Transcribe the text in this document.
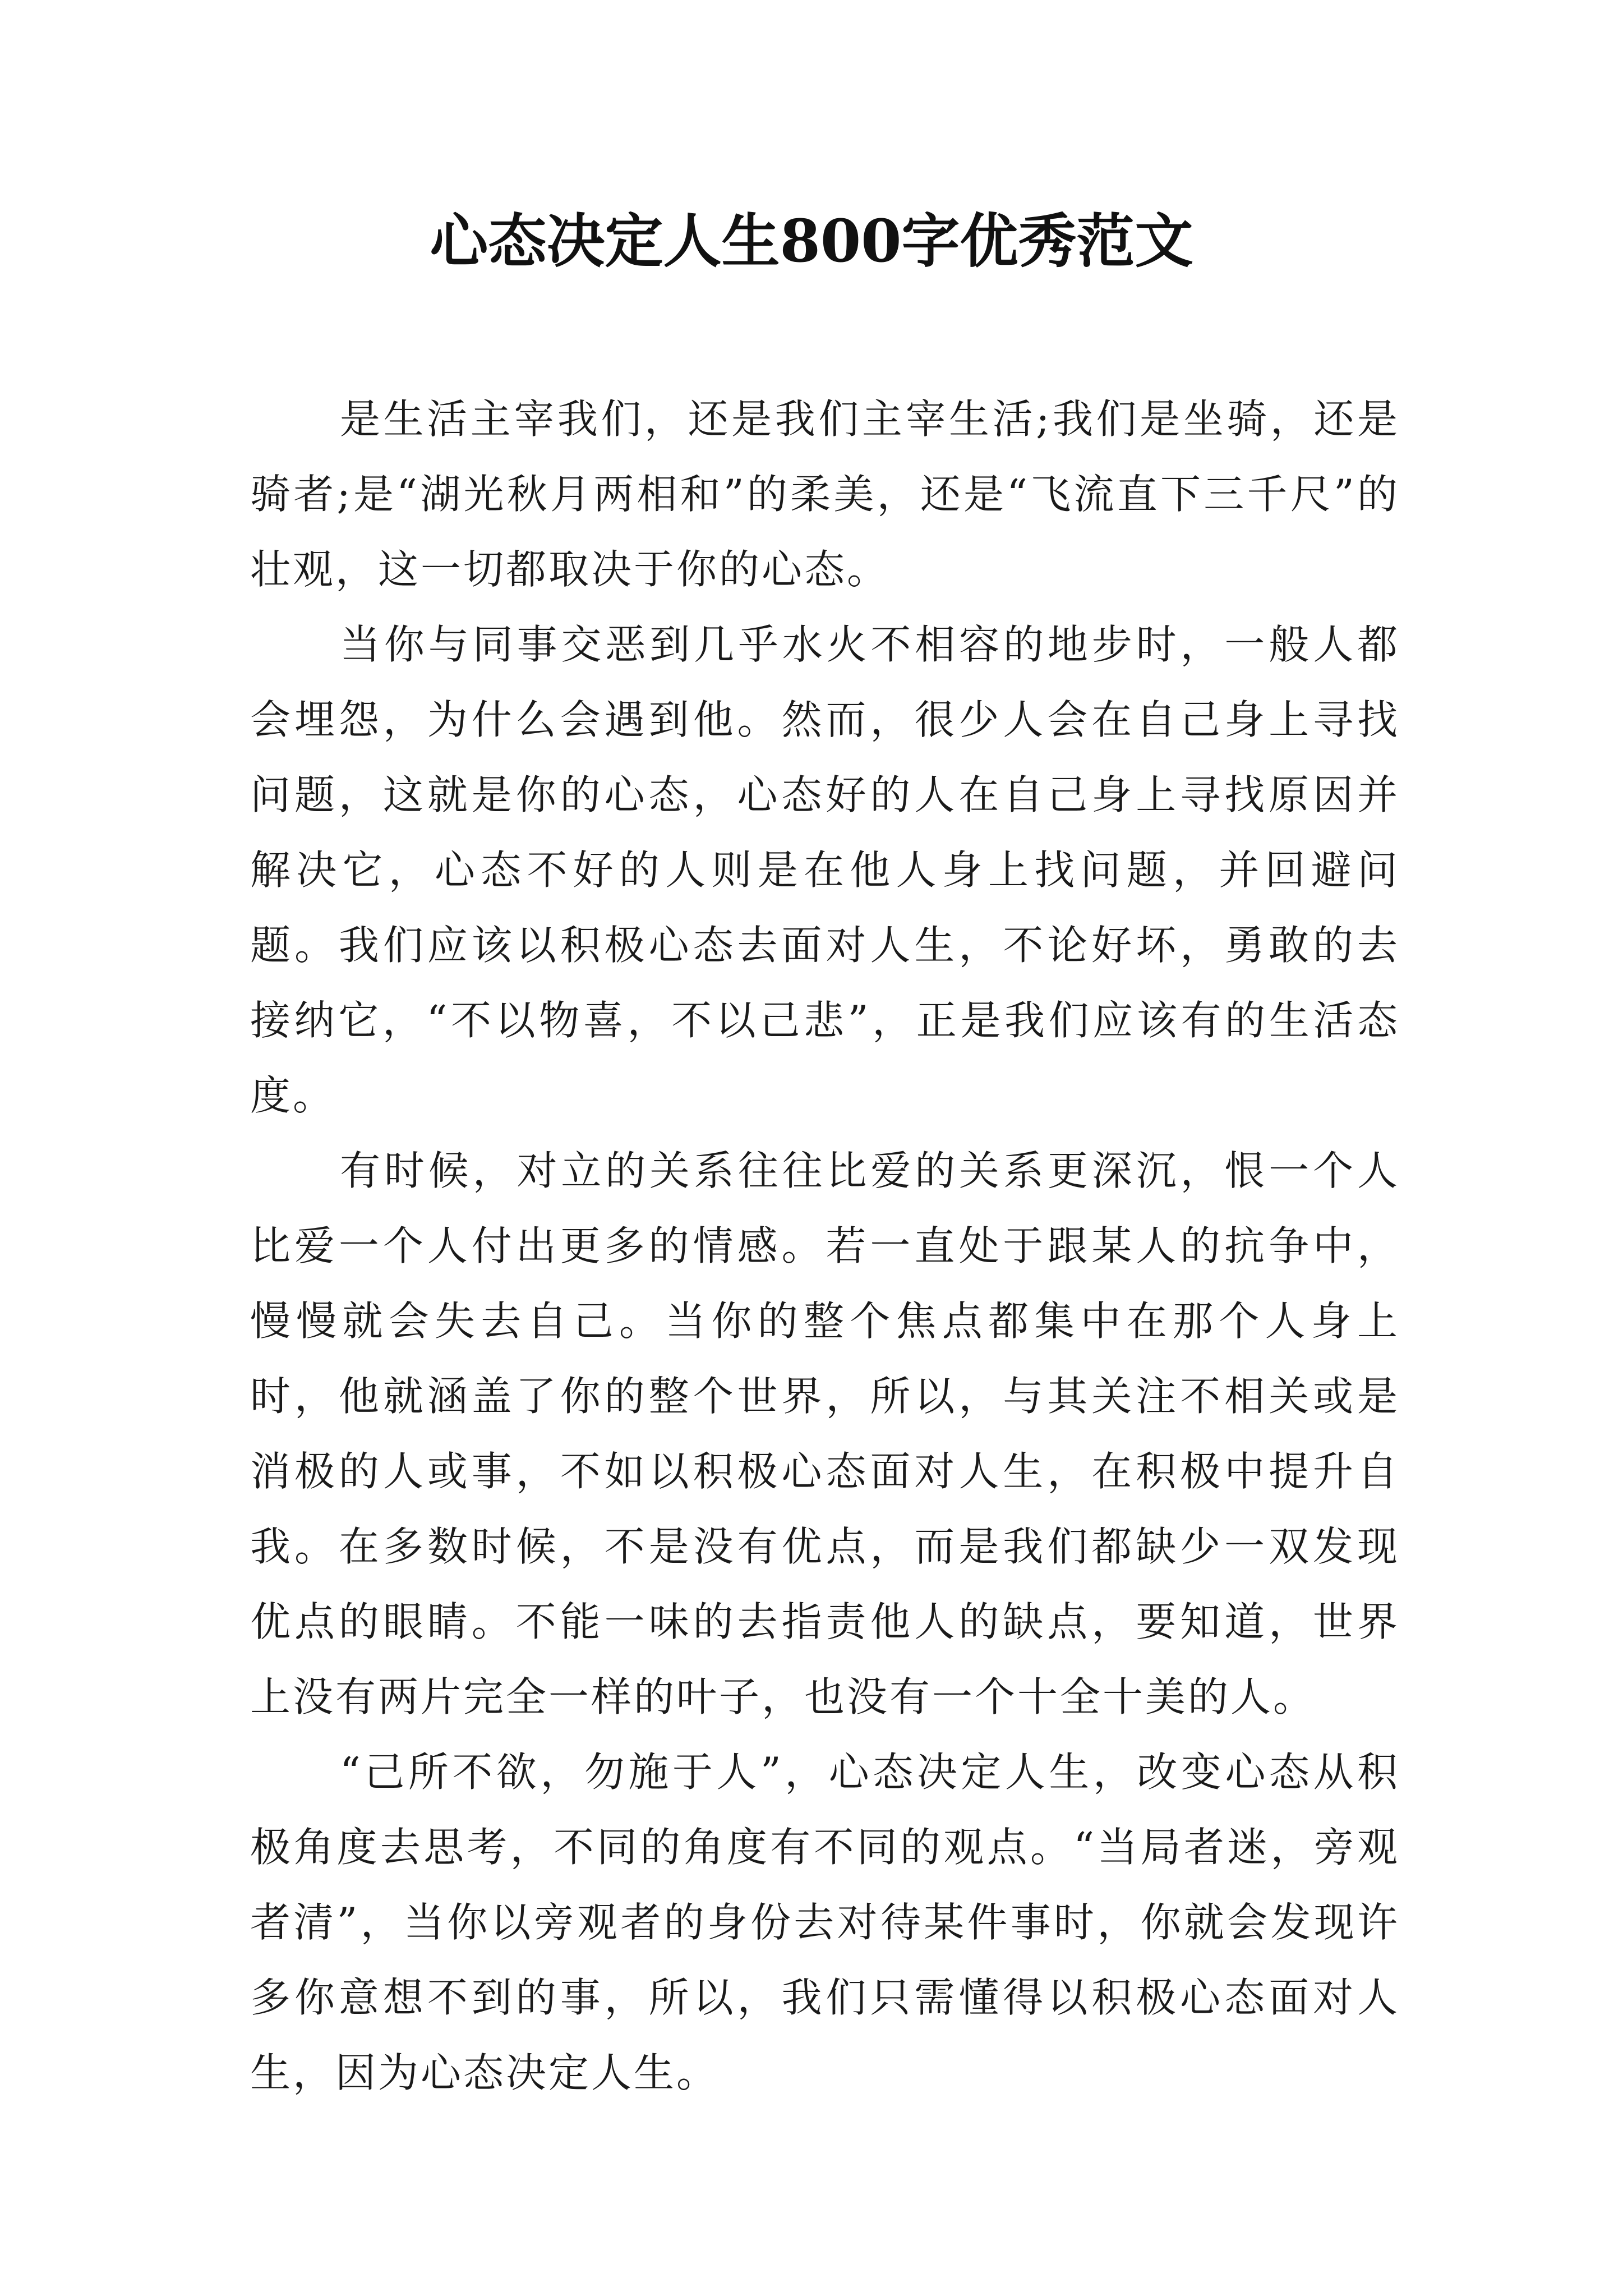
心态决定人生800字优秀范文

是生活主宰我们，还是我们主宰生活;我们是坐骑，还是骑者;是“湖光秋月两相和”的柔美，还是“飞流直下三千尺”的壮观，这一切都取决于你的心态。

当你与同事交恶到几乎水火不相容的地步时，一般人都会埋怨，为什么会遇到他。然而，很少人会在自己身上寻找问题，这就是你的心态，心态好的人在自己身上寻找原因并解决它，心态不好的人则是在他人身上找问题，并回避问题。我们应该以积极心态去面对人生，不论好坏，勇敢的去接纳它，“不以物喜，不以己悲”，正是我们应该有的生活态度。

有时候，对立的关系往往比爱的关系更深沉，恨一个人比爱一个人付出更多的情感。若一直处于跟某人的抗争中，慢慢就会失去自己。当你的整个焦点都集中在那个人身上时，他就涵盖了你的整个世界，所以，与其关注不相关或是消极的人或事，不如以积极心态面对人生，在积极中提升自我。在多数时候，不是没有优点，而是我们都缺少一双发现优点的眼睛。不能一味的去指责他人的缺点，要知道，世界上没有两片完全一样的叶子，也没有一个十全十美的人。

“己所不欲，勿施于人”，心态决定人生，改变心态从积极角度去思考，不同的角度有不同的观点。“当局者迷，旁观者清”，当你以旁观者的身份去对待某件事时，你就会发现许多你意想不到的事，所以，我们只需懂得以积极心态面对人生，因为心态决定人生。
